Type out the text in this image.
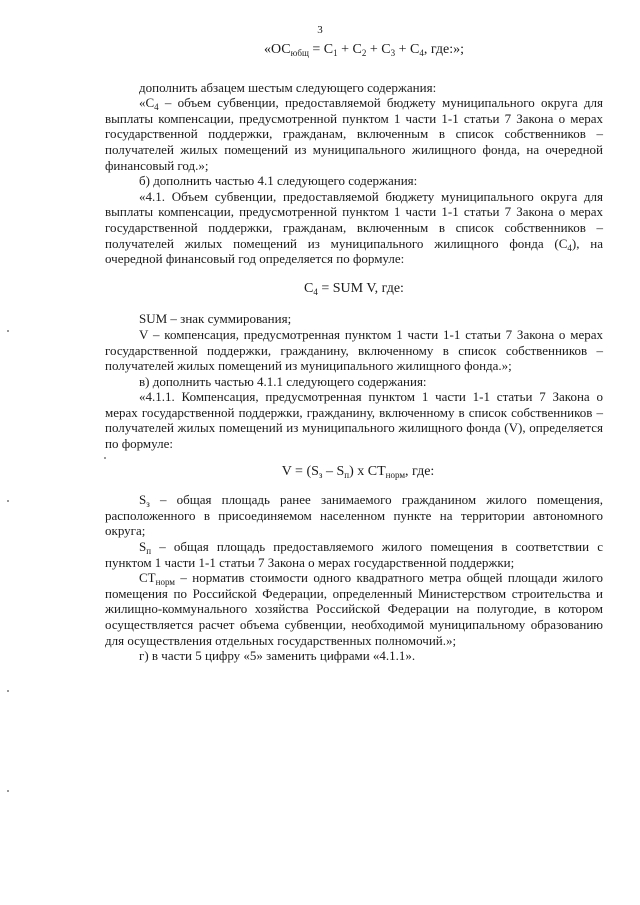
3

«$ОС_{юбщ} = С_1 + С_2 + С_3 + С_4$, где:»;

дополнить абзацем шестым следующего содержания:

«$С_4$ – объем субвенции, предоставляемой бюджету муниципального округа для выплаты компенсации, предусмотренной пунктом 1 части 1-1 статьи 7 Закона о мерах государственной поддержки, гражданам, включенным в список собственников – получателей жилых помещений из муниципального жилищного фонда, на очередной финансовый год.»;

б) дополнить частью 4.1 следующего содержания:

«4.1. Объем субвенции, предоставляемой бюджету муниципального округа для выплаты компенсации, предусмотренной пунктом 1 части 1-1 статьи 7 Закона о мерах государственной поддержки, гражданам, включенным в список собственников – получателей жилых помещений из муниципального жилищного фонда $(С_4)$, на очередной финансовый год определяется по формуле:

$С_4$ = SUM V, где:

SUM – знак суммирования;

V – компенсация, предусмотренная пунктом 1 части 1-1 статьи 7 Закона о мерах государственной поддержки, гражданину, включенному в список собственников – получателей жилых помещений из муниципального жилищного фонда.»;

в) дополнить частью 4.1.1 следующего содержания:

«4.1.1. Компенсация, предусмотренная пунктом 1 части 1-1 статьи 7 Закона о мерах государственной поддержки, гражданину, включенному в список собственников – получателей жилых помещений из муниципального жилищного фонда (V), определяется по формуле:

$V = (S_з - S_п)$ х $СТ_{норм}$, где:

$S_з$ – общая площадь ранее занимаемого гражданином жилого помещения, расположенного в присоединяемом населенном пункте на территории автономного округа;

$S_п$ – общая площадь предоставляемого жилого помещения в соответствии с пунктом 1 части 1-1 статьи 7 Закона о мерах государственной поддержки;

$СТ_{норм}$ – норматив стоимости одного квадратного метра общей площади жилого помещения по Российской Федерации, определенный Министерством строительства и жилищно-коммунального хозяйства Российской Федерации на полугодие, в котором осуществляется расчет объема субвенции, необходимой муниципальному образованию для осуществления отдельных государственных полномочий.»;

г) в части 5 цифру «5» заменить цифрами «4.1.1».
